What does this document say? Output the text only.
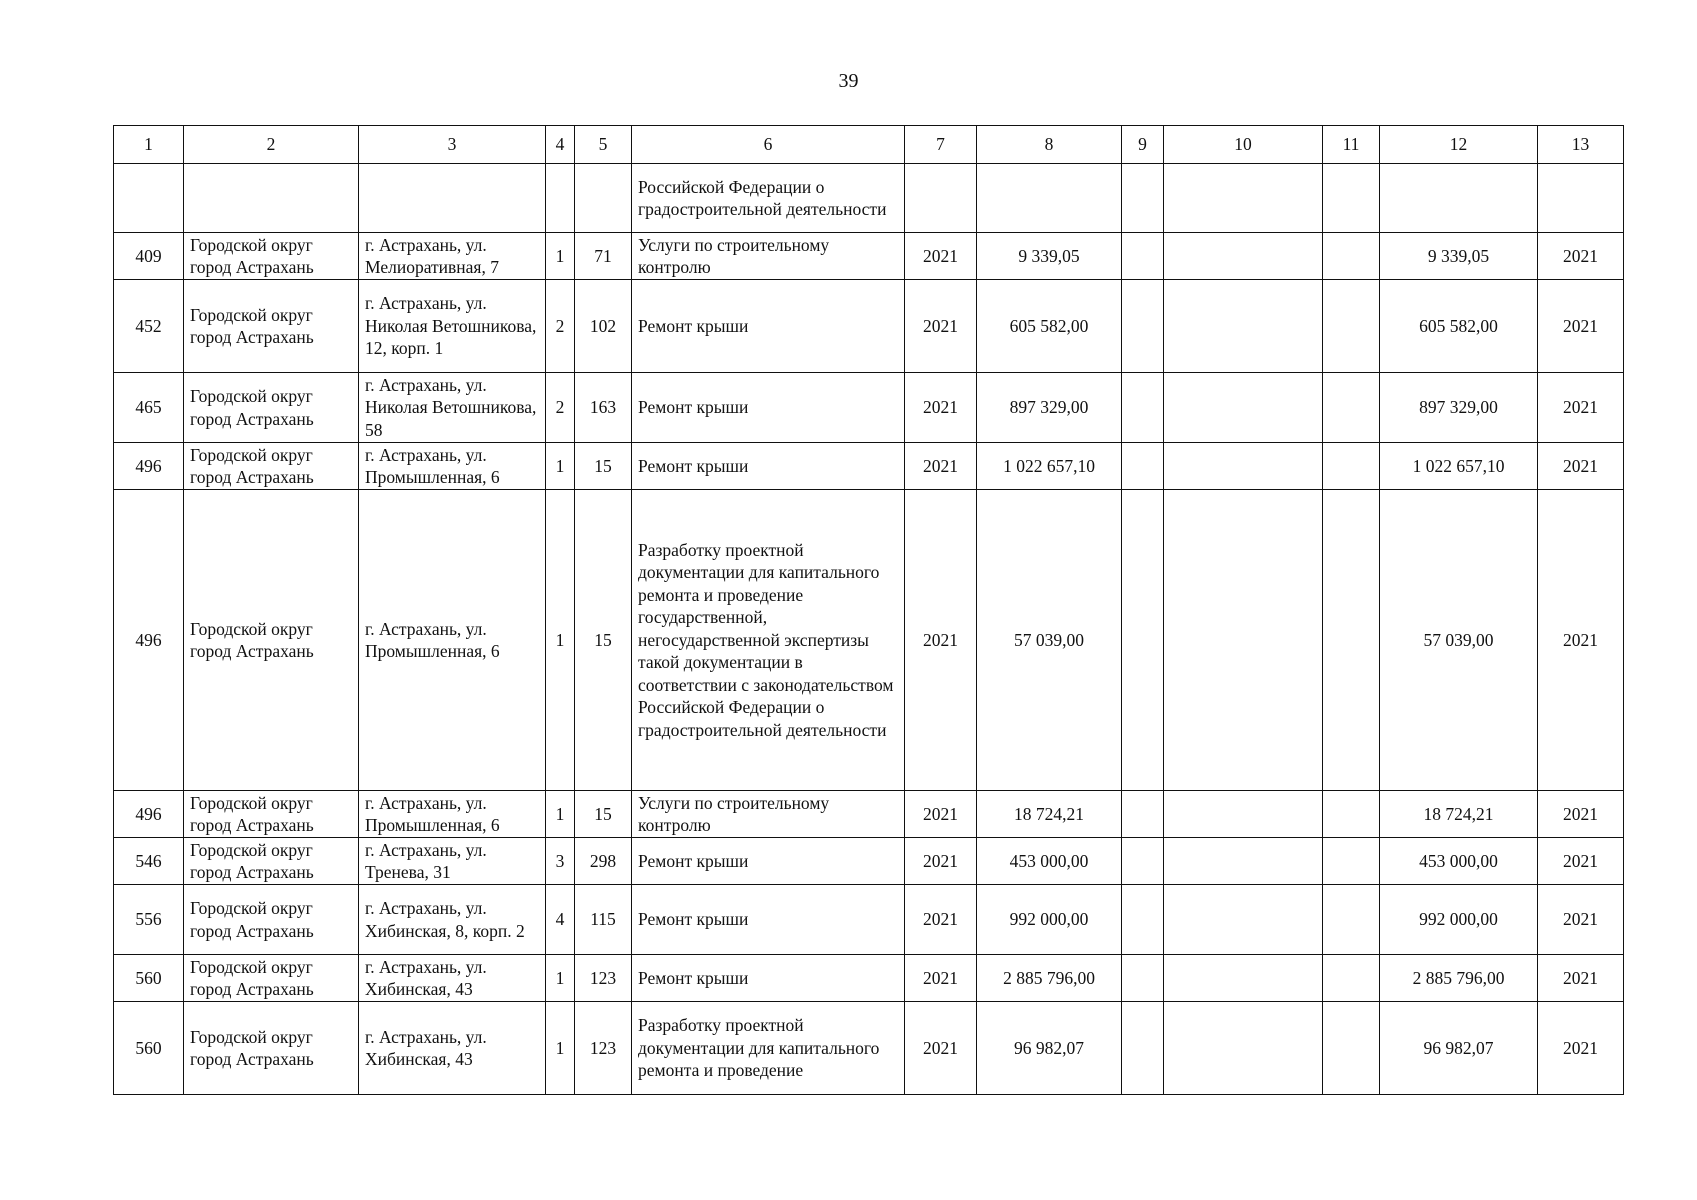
39
1	2	3	4	5	6	7	8	9	10	11	12	13
					Российской Федерации о градостроительной деятельности							
409	Городской округ город Астрахань	г. Астрахань, ул. Мелиоративная, 7	1	71	Услуги по строительному контролю	2021	9 339,05				9 339,05	2021
452	Городской округ город Астрахань	г. Астрахань, ул. Николая Ветошникова, 12, корп. 1	2	102	Ремонт крыши	2021	605 582,00				605 582,00	2021
465	Городской округ город Астрахань	г. Астрахань, ул. Николая Ветошникова, 58	2	163	Ремонт крыши	2021	897 329,00				897 329,00	2021
496	Городской округ город Астрахань	г. Астрахань, ул. Промышленная, 6	1	15	Ремонт крыши	2021	1 022 657,10				1 022 657,10	2021
496	Городской округ город Астрахань	г. Астрахань, ул. Промышленная, 6	1	15	Разработку проектной документации для капитального ремонта и проведение государственной, негосударственной экспертизы такой документации в соответствии с законодательством Российской Федерации о градостроительной деятельности	2021	57 039,00				57 039,00	2021
496	Городской округ город Астрахань	г. Астрахань, ул. Промышленная, 6	1	15	Услуги по строительному контролю	2021	18 724,21				18 724,21	2021
546	Городской округ город Астрахань	г. Астрахань, ул. Тренева, 31	3	298	Ремонт крыши	2021	453 000,00				453 000,00	2021
556	Городской округ город Астрахань	г. Астрахань, ул. Хибинская, 8, корп. 2	4	115	Ремонт крыши	2021	992 000,00				992 000,00	2021
560	Городской округ город Астрахань	г. Астрахань, ул. Хибинская, 43	1	123	Ремонт крыши	2021	2 885 796,00				2 885 796,00	2021
560	Городской округ город Астрахань	г. Астрахань, ул. Хибинская, 43	1	123	Разработку проектной документации для капитального ремонта и проведение	2021	96 982,07				96 982,07	2021
